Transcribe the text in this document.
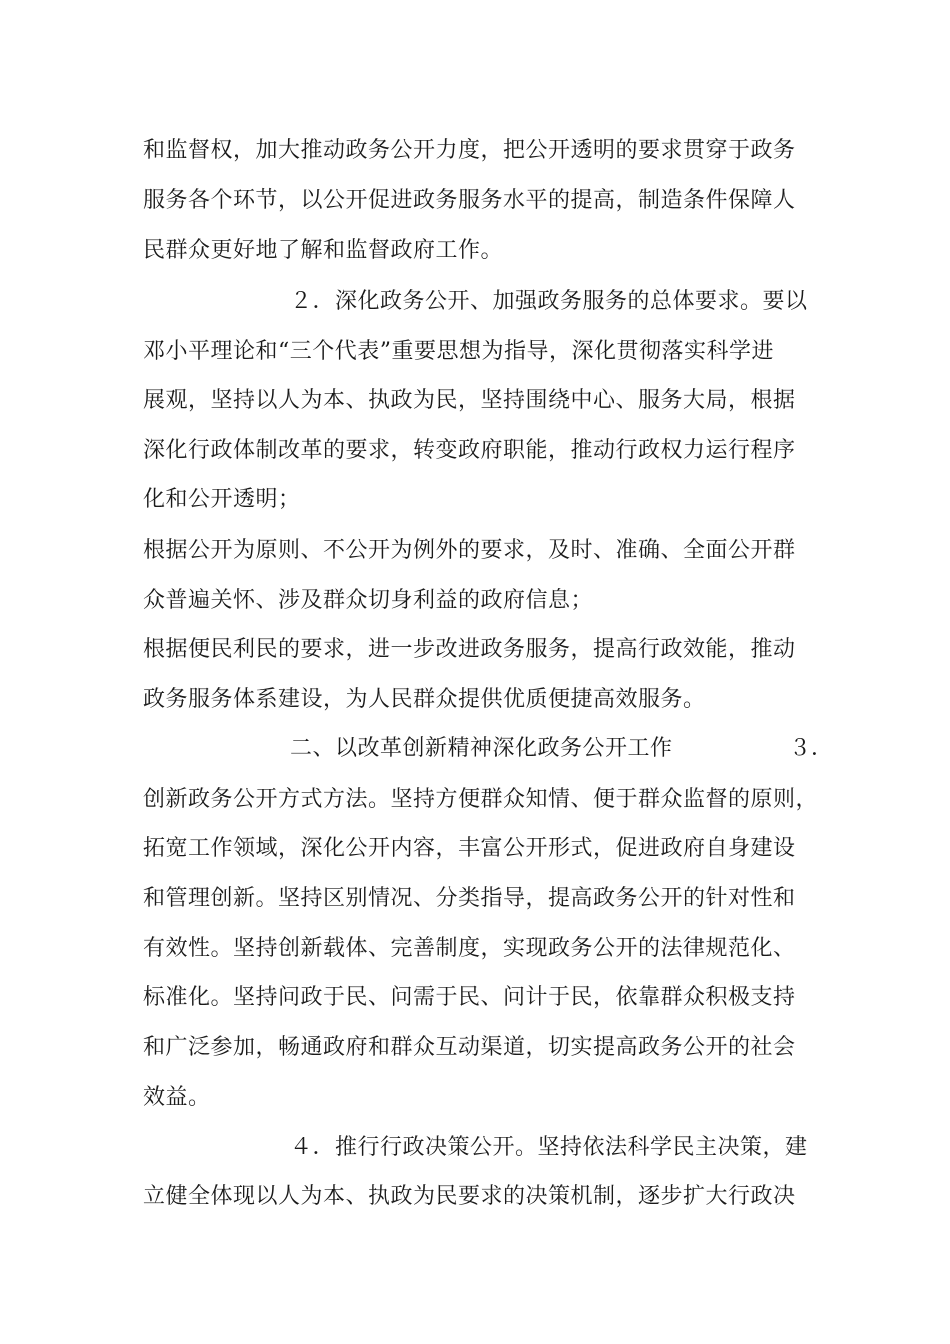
和监督权，加大推动政务公开力度，把公开透明的要求贯穿于政务
服务各个环节，以公开促进政务服务水平的提高，制造条件保障人
民群众更好地了解和监督政府工作。
２．深化政务公开、加强政务服务的总体要求。要以
邓小平理论和“三个代表”重要思想为指导，深化贯彻落实科学进
展观，坚持以人为本、执政为民，坚持围绕中心、服务大局，根据
深化行政体制改革的要求，转变政府职能，推动行政权力运行程序
化和公开透明；
根据公开为原则、不公开为例外的要求，及时、准确、全面公开群
众普遍关怀、涉及群众切身利益的政府信息；
根据便民利民的要求，进一步改进政务服务，提高行政效能，推动
政务服务体系建设，为人民群众提供优质便捷高效服务。
二、以改革创新精神深化政务公开工作	３．
创新政务公开方式方法。坚持方便群众知情、便于群众监督的原则，
拓宽工作领域，深化公开内容，丰富公开形式，促进政府自身建设
和管理创新。坚持区别情况、分类指导，提高政务公开的针对性和
有效性。坚持创新载体、完善制度，实现政务公开的法律规范化、
标准化。坚持问政于民、问需于民、问计于民，依靠群众积极支持
和广泛参加，畅通政府和群众互动渠道，切实提高政务公开的社会
效益。
４．推行行政决策公开。坚持依法科学民主决策，建
立健全体现以人为本、执政为民要求的决策机制，逐步扩大行政决
